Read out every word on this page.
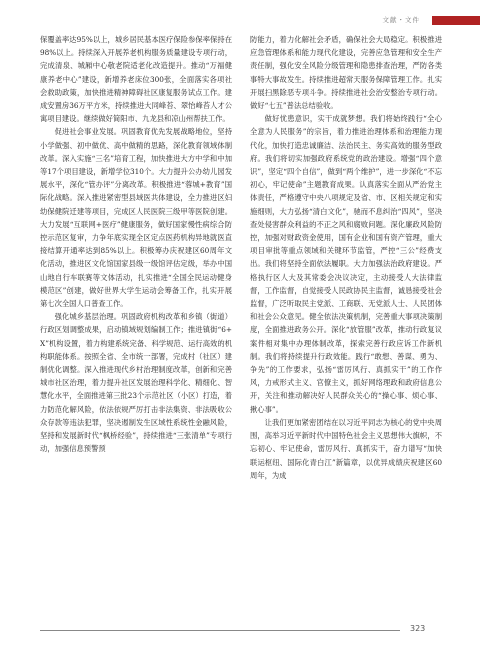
文献・文件

保覆盖率达95%以上，城乡居民基本医疗保险参保率保持在98%以上。持续深入开展养老机构服务质量建设专项行动，完成清泉、城厢中心敬老院适老化改造提升。推动“万福健康养老中心”建设，新增养老床位300张，全面落实各项社会救助政策，加快推进精神障碍社区康复服务试点工作。建成安置房36万平方米，持续推进大同峰苔、翠怡峰苔人才公寓项目建设。继续做好简阳市、九龙县和凉山州帮扶工作。

促进社会事业发展。巩固教育优先发展战略地位，坚持小学做强、初中做优、高中做精的思路，深化教育领域体制改革。深入实施“三名”培育工程，加快推进大方中学和中加等17个项目建设，新增学位310个。大力提升公办幼儿园发展水平，深化“管办评”分离改革。积极推进“蓉城+教育”国际化战略。深入推进紧密型县域医共体建设，全力推进区妇幼保健院迁建等项目，完成区人民医院三级甲等医院创建。大力发展“互联网+医疗”健康服务，做好国家慢性病综合防控示范区复审，力争年底实现全区定点医药机构异地就医直接结算开通率达到85%以上。积极筹办庆祝建区60周年文化活动，推进区文化馆国家县级一级馆评估定级，举办中国山地自行车联赛等文体活动，扎实推进“全国全民运动健身模范区”创建，做好世界大学生运动会筹备工作，扎实开展第七次全国人口普查工作。

强化城乡基层治理。巩固政府机构改革和乡镇（街道）行政区划调整成果，启动镇域规划编制工作；推进镇街“6+X”机构设置，着力构建系统完备、科学规范、运行高效的机构职能体系。按照全省、全市统一部署，完成村（社区）建制优化调整。深入推进现代乡村治理制度改革，创新和完善城市社区治理，着力提升社区发展治理科学化、精细化、智慧化水平，全面推进第三批23个示范社区（小区）打造，着力防范化解风险，依法依规严厉打击非法集资、非法吸收公众存款等违法犯罪，坚决遏制发生区域性系统性金融风险，坚持和发展新时代“枫桥经验”，持续推进“三张清单”专项行动，加强信息预警预

防能力，着力化解社会矛盾，确保社会大局稳定。积极推进应急管理体系和能力现代化建设，完善应急管理和安全生产责任制，强化安全风险分级管理和隐患排查治理，严防各类事特大事故发生。持续推进超常天服务保障管理工作。扎实开展扫黑除恶专项斗争。持续推进社会治安整治专项行动。做好“七五”普法总结验收。

做好忧患意识，实干成就梦想。我们将始终践行“全心全意为人民服务”的宗旨，着力推进治理体系和治理能力现代化，加快打造忠诚廉洁、法治民主、务实高效的服务型政府。我们将切实加强政府系统党的政治建设。增强“四个意识”，坚定“四个自信”，做到“两个维护”，进一步深化“不忘初心，牢记使命”主题教育成果。认真落实全面从严治党主体责任，严格遵守中央八项规定及省、市、区相关规定和实施细则，大力弘扬“清白文化”，驰而不息纠治“四风”，坚决查处侵害群众利益的不正之风和腐败问题。深化廉政风险防控，加强对财政资金使用，国有企业和国有资产管理，重大项目审批等重点领域和关键环节监管，严控“三公”经费支出。我们将坚持全面依法履职。大力加强法治政府建设。严格执行区人大及其常委会决议决定，主动接受人大法律监督，工作监督，自觉接受人民政协民主监督，诚恳接受社会监督，广泛听取民主党派、工商联、无党派人士、人民团体和社会公众意见。健全依法决策机制，完善重大事项决策制度，全面推进政务公开。深化“放管服”改革，推动行政复议案件相对集中办理体制改革，探索完善行政应诉工作新机制。我们将持续提升行政效能。践行“敢想、善谋、勇为、争先”的工作要求，弘扬“雷厉风行、真抓实干”的工作作风，力戒形式主义、官僚主义，抓好网络理政和政府信息公开，关注和推动解决好人民群众关心的“操心事、烦心事、揪心事”。

让我们更加紧密团结在以习近平同志为核心的党中央周围，高举习近平新时代中国特色社会主义思想伟大旗帜，不忘初心、牢记使命，雷厉风行、真抓实干，奋力谱写“加快联运枢纽、国际化青白江”新篇章，以优异成绩庆祝建区60周年，为成

323
